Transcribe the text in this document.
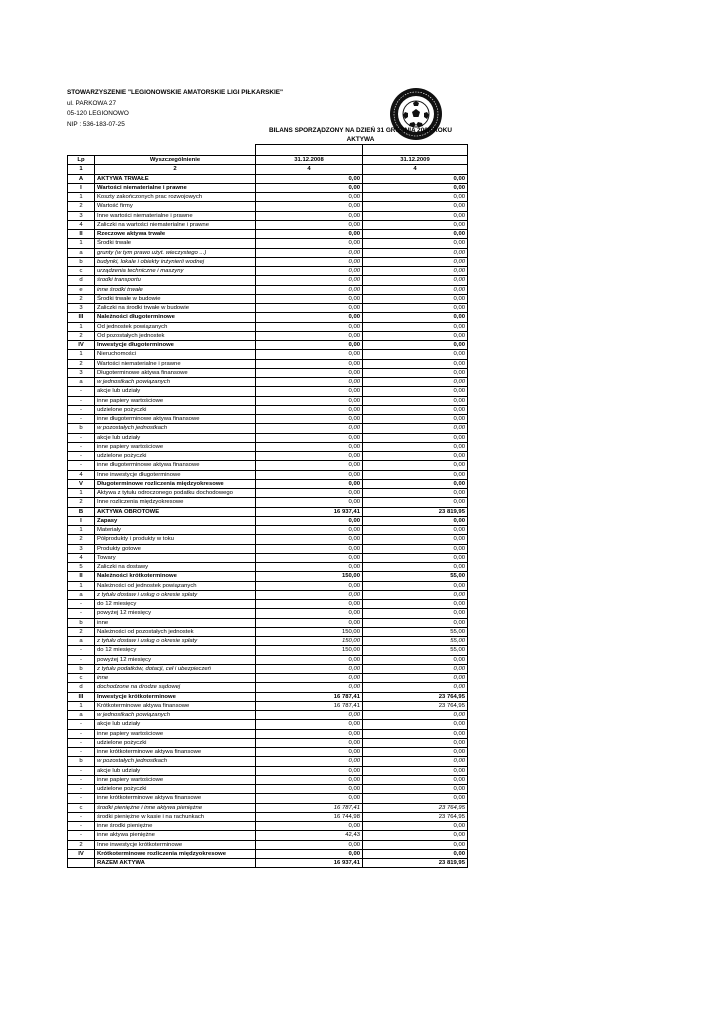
STOWARZYSZENIE "LEGIONOWSKIE AMATORSKIE LIGI PIŁKARSKIE"
ul. PARKOWA 27
05-120 LEGIONOWO
NIP : 536-183-07-25
BILANS SPORZĄDZONY NA DZIEŃ 31 GRUDNIA 2008 ROKU
AKTYWA

Lp	Wyszczególnienie	31.12.2008	31.12.2009
1	2	4	4
A	AKTYWA TRWAŁE	0,00	0,00
I	Wartości niematerialne i prawne	0,00	0,00
1	Koszty zakończonych prac rozwojowych	0,00	0,00
2	Wartość firmy	0,00	0,00
3	Inne wartości niematerialne i prawne	0,00	0,00
4	Zaliczki na wartości niematerialne i prawne	0,00	0,00
II	Rzeczowe aktywa trwałe	0,00	0,00
1	Środki trwałe	0,00	0,00
a	grunty (w tym prawo użyt. wieczystego ...)	0,00	0,00
b	budynki, lokale i obiekty inżynierii wodnej	0,00	0,00
c	urządzenia techniczne i maszyny	0,00	0,00
d	środki transportu	0,00	0,00
e	inne środki trwałe	0,00	0,00
2	Środki trwałe w budowie	0,00	0,00
3	Zaliczki na środki trwałe w budowie	0,00	0,00
III	Należności długoterminowe	0,00	0,00
1	Od jednostek powiązanych	0,00	0,00
2	Od pozostałych jednostek	0,00	0,00
IV	Inwestycje długoterminowe	0,00	0,00
1	Nieruchomości	0,00	0,00
2	Wartości niematerialne i prawne	0,00	0,00
3	Długoterminowe aktywa finansowe	0,00	0,00
a	w jednostkach powiązanych	0,00	0,00
-	akcje lub udziały	0,00	0,00
-	inne papiery wartościowe	0,00	0,00
-	udzielone pożyczki	0,00	0,00
-	inne długoterminowe aktywa finansowe	0,00	0,00
b	w pozostałych jednostkach	0,00	0,00
-	akcje lub udziały	0,00	0,00
-	inne papiery wartościowe	0,00	0,00
-	udzielone pożyczki	0,00	0,00
-	inne długoterminowe aktywa finansowe	0,00	0,00
4	Inne inwestycje długoterminowe	0,00	0,00
V	Długoterminowe rozliczenia międzyokresowe	0,00	0,00
1	Aktywa z tytułu odroczonego podatku dochodowego	0,00	0,00
2	Inne rozliczenia międzyokresowe	0,00	0,00
B	AKTYWA OBROTOWE	16 937,41	23 819,95
I	Zapasy	0,00	0,00
1	Materiały	0,00	0,00
2	Półprodukty i produkty w toku	0,00	0,00
3	Produkty gotowe	0,00	0,00
4	Towary	0,00	0,00
5	Zaliczki na dostawy	0,00	0,00
II	Należności krótkoterminowe	150,00	55,00
1	Należności od jednostek powiązanych	0,00	0,00
a	z tytułu dostaw i usług o okresie spłaty	0,00	0,00
-	do 12 miesięcy	0,00	0,00
-	powyżej 12 miesięcy	0,00	0,00
b	inne	0,00	0,00
2	Należności od pozostałych jednostek	150,00	55,00
a	z tytułu dostaw i usług o okresie spłaty	150,00	55,00
-	do 12 miesięcy	150,00	55,00
-	powyżej 12 miesięcy	0,00	0,00
b	z tytułu podatków, dotacji, ceł i ubezpieczeń	0,00	0,00
c	inne	0,00	0,00
d	dochodzone na drodze sądowej	0,00	0,00
III	Inwestycje krótkoterminowe	16 787,41	23 764,95
1	Krótkoterminowe aktywa finansowe	16 787,41	23 764,95
a	w jednostkach powiązanych	0,00	0,00
-	akcje lub udziały	0,00	0,00
-	inne papiery wartościowe	0,00	0,00
-	udzielone pożyczki	0,00	0,00
-	inne krótkoterminowe aktywa finansowe	0,00	0,00
b	w pozostałych jednostkach	0,00	0,00
-	akcje lub udziały	0,00	0,00
-	inne papiery wartościowe	0,00	0,00
-	udzielone pożyczki	0,00	0,00
-	inne krótkoterminowe aktywa finansowe	0,00	0,00
c	środki pieniężne i inne aktywa pieniężne	16 787,41	23 764,95
-	środki pieniężne w kasie i na rachunkach	16 744,98	23 764,95
-	inne środki pieniężne	0,00	0,00
-	inne aktywa pieniężne	42,43	0,00
2	Inne inwestycje krótkoterminowe	0,00	0,00
IV	Krótkoterminowe rozliczenia międzyokresowe	0,00	0,00
	RAZEM AKTYWA	16 937,41	23 819,95
